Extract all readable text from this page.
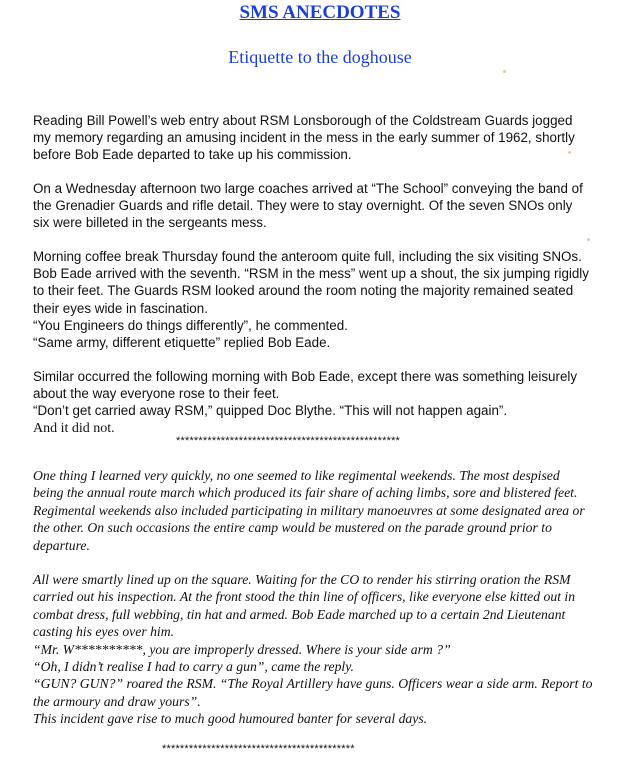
SMS ANECDOTES
Etiquette to the doghouse
Reading Bill Powell’s web entry about RSM Lonsborough of the Coldstream Guards jogged
my memory regarding an amusing incident in the mess in the early summer of 1962, shortly
before Bob Eade departed to take up his commission.
On a Wednesday afternoon two large coaches arrived at “The School” conveying the band of
the Grenadier Guards and rifle detail. They were to stay overnight. Of the seven SNOs only
six were billeted in the sergeants mess.
Morning coffee break Thursday found the anteroom quite full, including the six visiting SNOs.
Bob Eade arrived with the seventh. “RSM in the mess” went up a shout, the six jumping rigidly
to their feet. The Guards RSM looked around the room noting the majority remained seated
their eyes wide in fascination.
“You Engineers do things differently”, he commented.
“Same army, different etiquette” replied Bob Eade.
Similar occurred the following morning with Bob Eade, except there was something leisurely
about the way everyone rose to their feet.
“Don’t get carried away RSM,” quipped Doc Blythe. “This will not happen again”.
And it did not.
**************************************************
One thing I learned very quickly, no one seemed to like regimental weekends. The most despised
being the annual route march which produced its fair share of aching limbs, sore and blistered feet.
Regimental weekends also included participating in military manoeuvres at some designated area or
the other. On such occasions the entire camp would be mustered on the parade ground prior to
departure.
All were smartly lined up on the square. Waiting for the CO to render his stirring oration the RSM
carried out his inspection. At the front stood the thin line of officers, like everyone else kitted out in
combat dress, full webbing, tin hat and armed. Bob Eade marched up to a certain 2nd Lieutenant
casting his eyes over him.
“Mr. W**********, you are improperly dressed. Where is your side arm ?”
“Oh, I didn’t realise I had to carry a gun”, came the reply.
“GUN? GUN?” roared the RSM. “The Royal Artillery have guns. Officers wear a side arm. Report to
the armoury and draw yours”.
This incident gave rise to much good humoured banter for several days.
*******************************************
